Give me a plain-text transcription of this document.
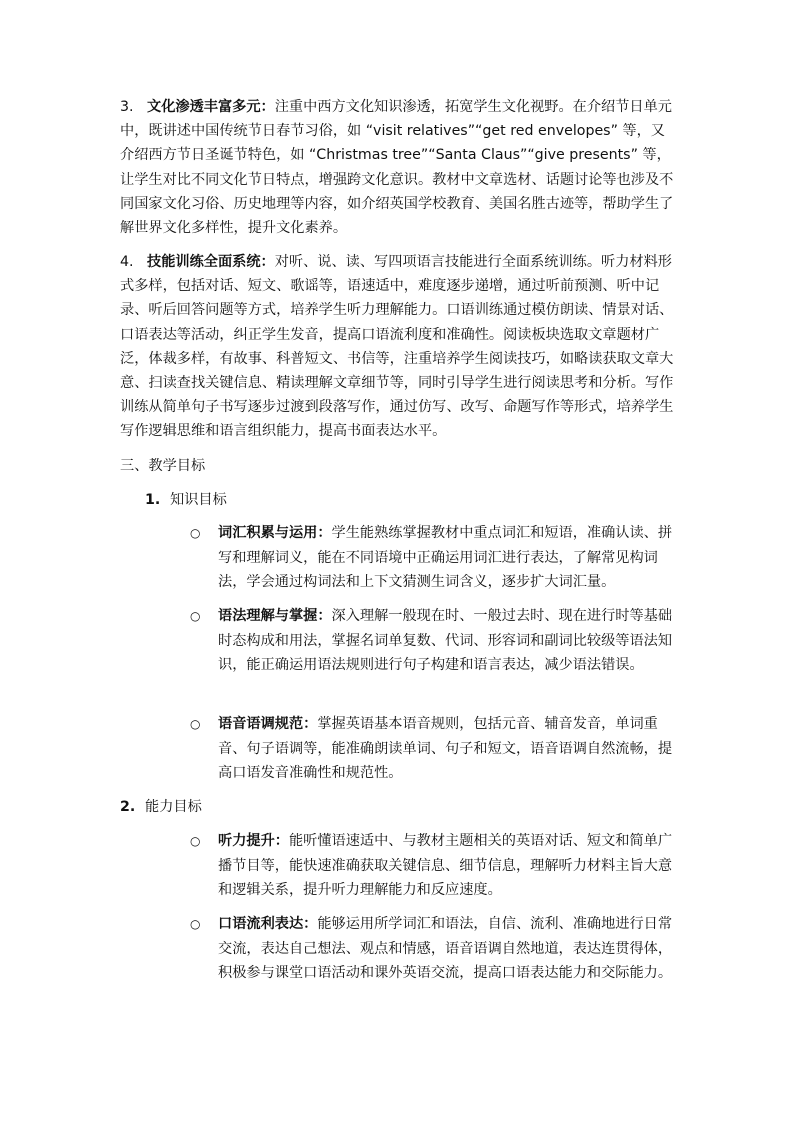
3. 文化渗透丰富多元：注重中西方文化知识渗透，拓宽学生文化视野。在介绍节日单元中，既讲述中国传统节日春节习俗，如 “visit relatives”“get red envelopes” 等，又介绍西方节日圣诞节特色，如 “Christmas tree”“Santa Claus”“give presents” 等，让学生对比不同文化节日特点，增强跨文化意识。教材中文章选材、话题讨论等也涉及不同国家文化习俗、历史地理等内容，如介绍英国学校教育、美国名胜古迹等，帮助学生了解世界文化多样性，提升文化素养。

4. 技能训练全面系统：对听、说、读、写四项语言技能进行全面系统训练。听力材料形式多样，包括对话、短文、歌谣等，语速适中，难度逐步递增，通过听前预测、听中记录、听后回答问题等方式，培养学生听力理解能力。口语训练通过模仿朗读、情景对话、口语表达等活动，纠正学生发音，提高口语流利度和准确性。阅读板块选取文章题材广泛，体裁多样，有故事、科普短文、书信等，注重培养学生阅读技巧，如略读获取文章大意、扫读查找关键信息、精读理解文章细节等，同时引导学生进行阅读思考和分析。写作训练从简单句子书写逐步过渡到段落写作，通过仿写、改写、命题写作等形式，培养学生写作逻辑思维和语言组织能力，提高书面表达水平。

三、教学目标

1. 知识目标

○ 词汇积累与运用：学生能熟练掌握教材中重点词汇和短语，准确认读、拼写和理解词义，能在不同语境中正确运用词汇进行表达，了解常见构词法，学会通过构词法和上下文猜测生词含义，逐步扩大词汇量。
○ 语法理解与掌握：深入理解一般现在时、一般过去时、现在进行时等基础时态构成和用法，掌握名词单复数、代词、形容词和副词比较级等语法知识，能正确运用语法规则进行句子构建和语言表达，减少语法错误。
○ 语音语调规范：掌握英语基本语音规则，包括元音、辅音发音，单词重音、句子语调等，能准确朗读单词、句子和短文，语音语调自然流畅，提高口语发音准确性和规范性。

2. 能力目标

○ 听力提升：能听懂语速适中、与教材主题相关的英语对话、短文和简单广播节目等，能快速准确获取关键信息、细节信息，理解听力材料主旨大意和逻辑关系，提升听力理解能力和反应速度。
○ 口语流利表达：能够运用所学词汇和语法，自信、流利、准确地进行日常交流，表达自己想法、观点和情感，语音语调自然地道，表达连贯得体，积极参与课堂口语活动和课外英语交流，提高口语表达能力和交际能力。
